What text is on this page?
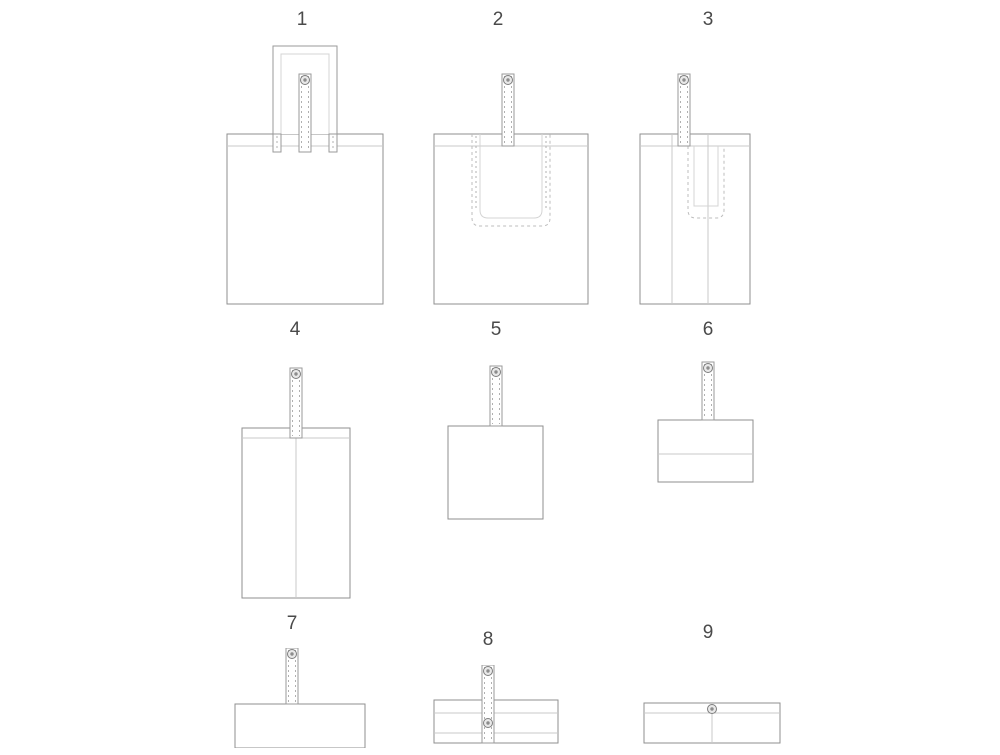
1	2	3
4	5	6
7
8	9
